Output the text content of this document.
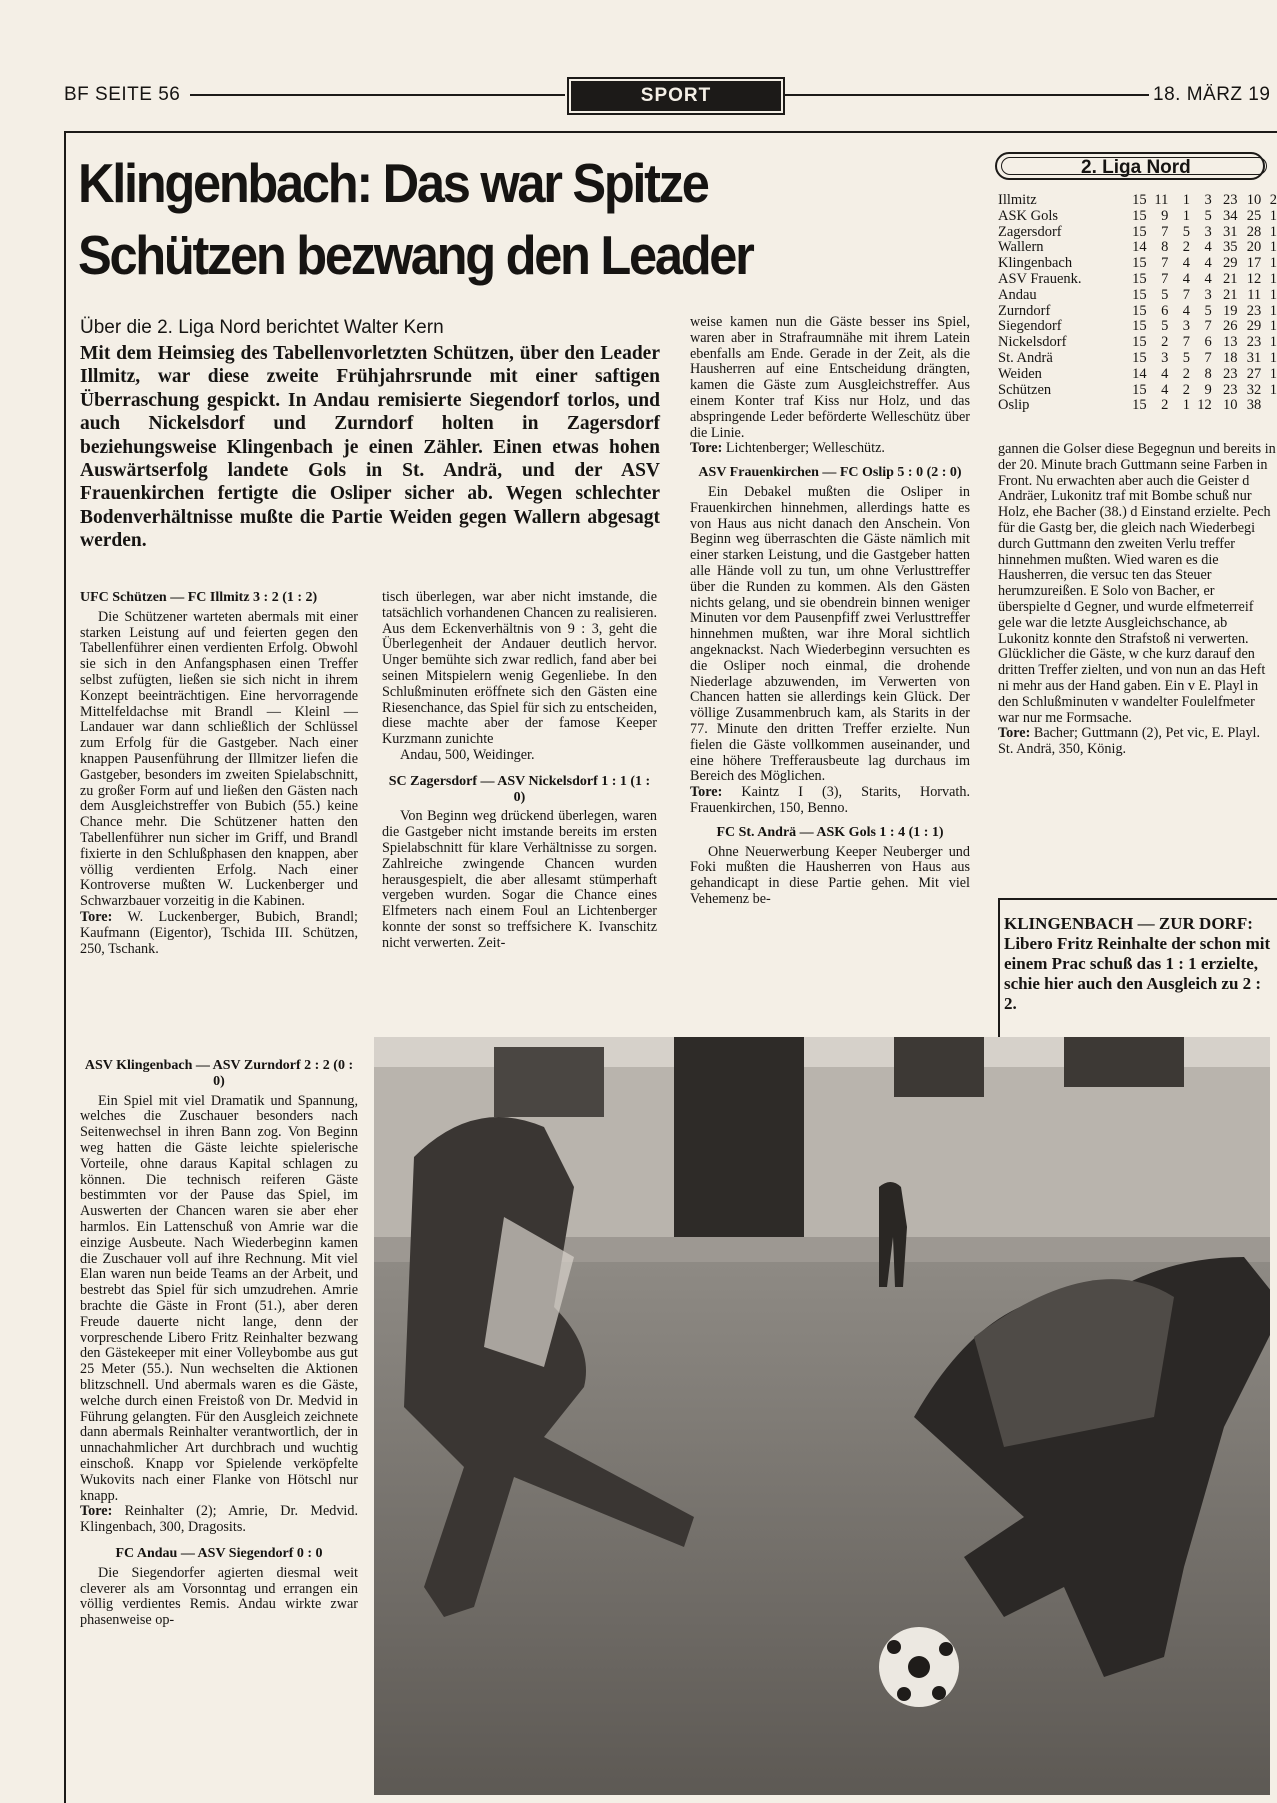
BF SEITE 56	SPORT	18. MÄRZ 19
Klingenbach: Das war Spitze
Schützen bezwang den Leader
Über die 2. Liga Nord berichtet Walter Kern
Mit dem Heimsieg des Tabellenvorletzten Schützen, über den Leader Illmitz, war diese zweite Frühjahrsrunde mit einer saftigen Überraschung gespickt. In Andau remisierte Siegendorf torlos, und auch Nickelsdorf und Zurndorf holten in Zagersdorf beziehungsweise Klingenbach je einen Zähler. Einen etwas hohen Auswärtserfolg landete Gols in St. Andrä, und der ASV Frauenkirchen fertigte die Osliper sicher ab. Wegen schlechter Bodenverhältnisse mußte die Partie Weiden gegen Wallern abgesagt werden.

UFC Schützen — FC Illmitz 3 : 2 (1 : 2)

Die Schützener warteten abermals mit einer starken Leistung auf und feierten gegen den Tabellenführer einen verdienten Erfolg. Obwohl sie sich in den Anfangsphasen einen Treffer selbst zufügten, ließen sie sich nicht in ihrem Konzept beeinträchtigen. Eine hervorragende Mittelfeldachse mit Brandl — Kleinl — Landauer war dann schließlich der Schlüssel zum Erfolg für die Gastgeber. Nach einer knappen Pausenführung der Illmitzer liefen die Gastgeber, besonders im zweiten Spielabschnitt, zu großer Form auf und ließen den Gästen nach dem Ausgleichstreffer von Bubich (55.) keine Chance mehr. Die Schützener hatten den Tabellenführer nun sicher im Griff, und Brandl fixierte in den Schlußphasen den knappen, aber völlig verdienten Erfolg. Nach einer Kontroverse mußten W. Luckenberger und Schwarzbauer vorzeitig in die Kabinen.

Tore: W. Luckenberger, Bubich, Brandl; Kaufmann (Eigentor), Tschida III. Schützen, 250, Tschank.

ASV Klingenbach — ASV Zurndorf 2 : 2 (0 : 0)

Ein Spiel mit viel Dramatik und Spannung, welches die Zuschauer besonders nach Seitenwechsel in ihren Bann zog. Von Beginn weg hatten die Gäste leichte spielerische Vorteile, ohne daraus Kapital schlagen zu können. Die technisch reiferen Gäste bestimmten vor der Pause das Spiel, im Auswerten der Chancen waren sie aber eher harmlos. Ein Lattenschuß von Amrie war die einzige Ausbeute. Nach Wiederbeginn kamen die Zuschauer voll auf ihre Rechnung. Mit viel Elan waren nun beide Teams an der Arbeit, und bestrebt das Spiel für sich umzudrehen. Amrie brachte die Gäste in Front (51.), aber deren Freude dauerte nicht lange, denn der vorpreschende Libero Fritz Reinhalter bezwang den Gästekeeper mit einer Volleybombe aus gut 25 Meter (55.). Nun wechselten die Aktionen blitzschnell. Und abermals waren es die Gäste, welche durch einen Freistoß von Dr. Medvid in Führung gelangten. Für den Ausgleich zeichnete dann abermals Reinhalter verantwortlich, der in unnachahmlicher Art durchbrach und wuchtig einschoß. Knapp vor Spielende verköpfelte Wukovits nach einer Flanke von Hötschl nur knapp.

Tore: Reinhalter (2); Amrie, Dr. Medvid. Klingenbach, 300, Dragosits.

FC Andau — ASV Siegendorf 0 : 0

Die Siegendorfer agierten diesmal weit cleverer als am Vorsonntag und errangen ein völlig verdientes Remis. Andau wirkte zwar phasenweise op-

tisch überlegen, war aber nicht imstande, die tatsächlich vorhandenen Chancen zu realisieren. Aus dem Eckenverhältnis von 9 : 3, geht die Überlegenheit der Andauer deutlich hervor. Unger bemühte sich zwar redlich, fand aber bei seinen Mitspielern wenig Gegenliebe. In den Schlußminuten eröffnete sich den Gästen eine Riesenchance, das Spiel für sich zu entscheiden, diese machte aber der famose Keeper Kurzmann zunichte

Andau, 500, Weidinger.

SC Zagersdorf — ASV Nickelsdorf 1 : 1 (1 : 0)

Von Beginn weg drückend überlegen, waren die Gastgeber nicht imstande bereits im ersten Spielabschnitt für klare Verhältnisse zu sorgen. Zahlreiche zwingende Chancen wurden herausgespielt, die aber allesamt stümperhaft vergeben wurden. Sogar die Chance eines Elfmeters nach einem Foul an Lichtenberger konnte der sonst so treffsichere K. Ivanschitz nicht verwerten. Zeit-

weise kamen nun die Gäste besser ins Spiel, waren aber in Strafraumnähe mit ihrem Latein ebenfalls am Ende. Gerade in der Zeit, als die Hausherren auf eine Entscheidung drängten, kamen die Gäste zum Ausgleichstreffer. Aus einem Konter traf Kiss nur Holz, und das abspringende Leder beförderte Welleschütz über die Linie.

Tore: Lichtenberger; Welleschütz.

ASV Frauenkirchen — FC Oslip 5 : 0 (2 : 0)

Ein Debakel mußten die Osliper in Frauenkirchen hinnehmen, allerdings hatte es von Haus aus nicht danach den Anschein. Von Beginn weg überraschten die Gäste nämlich mit einer starken Leistung, und die Gastgeber hatten alle Hände voll zu tun, um ohne Verlusttreffer über die Runden zu kommen. Als den Gästen nichts gelang, und sie obendrein binnen weniger Minuten vor dem Pausenpfiff zwei Verlusttreffer hinnehmen mußten, war ihre Moral sichtlich angeknackst. Nach Wiederbeginn versuchten es die Osliper noch einmal, die drohende Niederlage abzuwenden, im Verwerten von Chancen hatten sie allerdings kein Glück. Der völlige Zusammenbruch kam, als Starits in der 77. Minute den dritten Treffer erzielte. Nun fielen die Gäste vollkommen auseinander, und eine höhere Trefferausbeute lag durchaus im Bereich des Möglichen.

Tore: Kaintz I (3), Starits, Horvath. Frauenkirchen, 150, Benno.

FC St. Andrä — ASK Gols 1 : 4 (1 : 1)

Ohne Neuerwerbung Keeper Neuberger und Foki mußten die Hausherren von Haus aus gehandicapt in diese Partie gehen. Mit viel Vehemenz be-

2. Liga Nord
Illmitz	15	11	1	3	23	10	2
ASK Gols	15	9	1	5	34	25	1
Zagersdorf	15	7	5	3	31	28	1
Wallern	14	8	2	4	35	20	1
Klingenbach	15	7	4	4	29	17	1
ASV Frauenk.	15	7	4	4	21	12	1
Andau	15	5	7	3	21	11	1
Zurndorf	15	6	4	5	19	23	1
Siegendorf	15	5	3	7	26	29	1
Nickelsdorf	15	2	7	6	13	23	1
St. Andrä	15	3	5	7	18	31	1
Weiden	14	4	2	8	23	27	1
Schützen	15	4	2	9	23	32	1
Oslip	15	2	1	12	10	38	

gannen die Golser diese Begegnun und bereits in der 20. Minute brach Guttmann seine Farben in Front. Nu erwachten aber auch die Geister d Andräer, Lukonitz traf mit Bombe schuß nur Holz, ehe Bacher (38.) d Einstand erzielte. Pech für die Gastg ber, die gleich nach Wiederbegi durch Guttmann den zweiten Verlu treffer hinnehmen mußten. Wied waren es die Hausherren, die versuc ten das Steuer herumzureißen. E Solo von Bacher, er überspielte d Gegner, und wurde elfmeterreif gele war die letzte Ausgleichschance, ab Lukonitz konnte den Strafstoß ni verwerten. Glücklicher die Gäste, w che kurz darauf den dritten Treffer zielten, und von nun an das Heft ni mehr aus der Hand gaben. Ein v E. Playl in den Schlußminuten v wandelter Foulelfmeter war nur me Formsache.

Tore: Bacher; Guttmann (2), Pet vic, E. Playl. St. Andrä, 350, König.

KLINGENBACH — ZUR DORF: Libero Fritz Reinhalte der schon mit einem Prac schuß das 1 : 1 erzielte, schie hier auch den Ausgleich zu 2 : 2.
